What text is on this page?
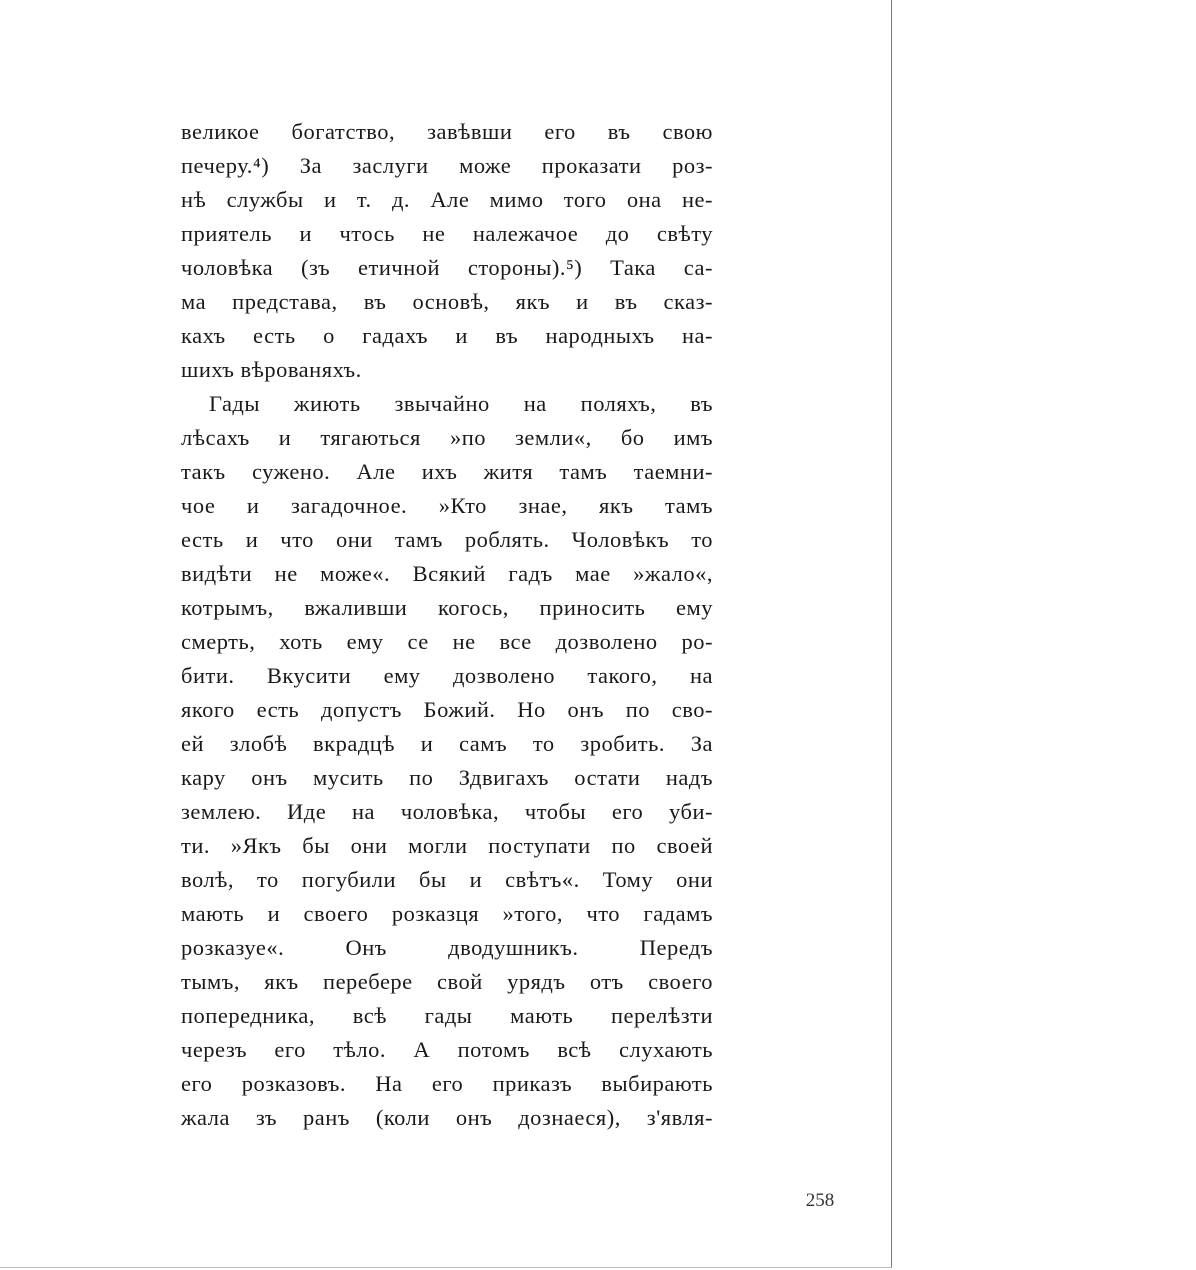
великое богатство, завѣвши его въ свою
печеру.⁴) За заслуги може проказати роз-
нѣ службы и т. д. Але мимо того она не-
приятель и чтось не належачое до свѣту
чоловѣка (зъ етичной стороны).⁵) Така са-
ма представа, въ основѣ, якъ и въ сказ-
кахъ есть о гадахъ и въ народныхъ на-
шихъ вѣрованяхъ.
Гады жиють звычайно на поляхъ, въ
лѣсахъ и тягаються »по земли«, бо имъ
такъ сужено. Але ихъ житя тамъ таемни-
чое и загадочное. »Кто знае, якъ тамъ
есть и что они тамъ роблять. Чоловѣкъ то
видѣти не може«. Всякий гадъ мае »жало«,
котрымъ, вжаливши когось, приносить ему
смерть, хоть ему се не все дозволено ро-
бити. Вкусити ему дозволено такого, на
якого есть допустъ Божий. Но онъ по сво-
ей злобѣ вкрадцѣ и самъ то зробить. За
кару онъ мусить по Здвигахъ остати надъ
землею. Иде на чоловѣка, чтобы его уби-
ти. »Якъ бы они могли поступати по своей
волѣ, то погубили бы и свѣтъ«. Тому они
мають и своего розказця »того, что гадамъ
розказуе«. Онъ дводушникъ. Передъ
тымъ, якъ перебере свой урядъ отъ своего
попередника, всѣ гады мають перелѣзти
черезъ его тѣло. А потомъ всѣ слухають
его розказовъ. На его приказъ выбирають
жала зъ ранъ (коли онъ дознаеся), з'явля-
258
